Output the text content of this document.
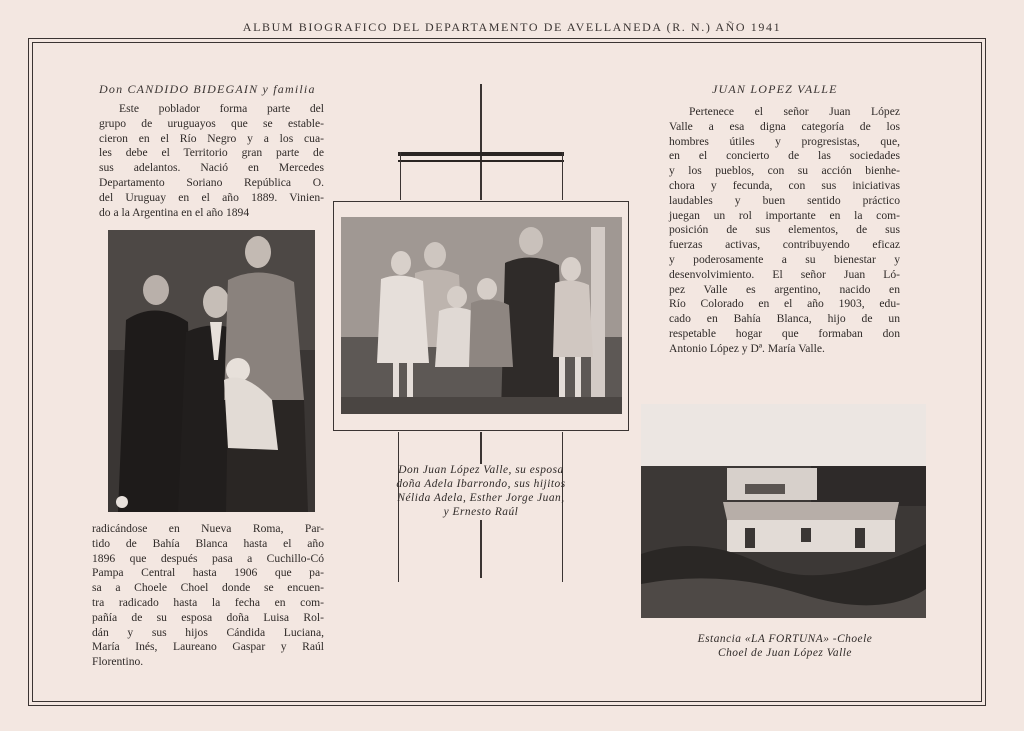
ALBUM BIOGRAFICO DEL DEPARTAMENTO DE AVELLANEDA (R. N.) AÑO 1941
Don CANDIDO BIDEGAIN y familia
Este poblador forma parte del
grupo de uruguayos que se estable-
cieron en el Río Negro y a los cua-
les debe el Territorio gran parte de
sus adelantos. Nació en Mercedes
Departamento Soriano República O.
del Uruguay en el año 1889. Vinien-
do a la Argentina en el año 1894
radicándose en Nueva Roma, Par-
tido de Bahía Blanca hasta el año
1896 que después pasa a Cuchillo-Có
Pampa Central hasta 1906 que pa-
sa a Choele Choel donde se encuen-
tra radicado hasta la fecha en com-
pañía de su esposa doña Luisa Rol-
dán y sus hijos Cándida Luciana,
María Inés, Laureano Gaspar y Raúl
Florentino.
Don Juan López Valle, su esposa
doña Adela Ibarrondo, sus hijitos
Nélida Adela, Esther Jorge Juan,
y Ernesto Raúl
JUAN LOPEZ VALLE
Pertenece el señor Juan López
Valle a esa digna categoría de los
hombres útiles y progresistas, que,
en el concierto de las sociedades
y los pueblos, con su acción bienhe-
chora y fecunda, con sus iniciativas
laudables y buen sentido práctico
juegan un rol importante en la com-
posición de sus elementos, de sus
fuerzas activas, contribuyendo eficaz
y poderosamente a su bienestar y
desenvolvimiento. El señor Juan Ló-
pez Valle es argentino, nacido en
Río Colorado en el año 1903, edu-
cado en Bahía Blanca, hijo de un
respetable hogar que formaban don
Antonio López y Dª. María Valle.
Estancia «LA FORTUNA» -Choele
Choel de Juan López Valle
